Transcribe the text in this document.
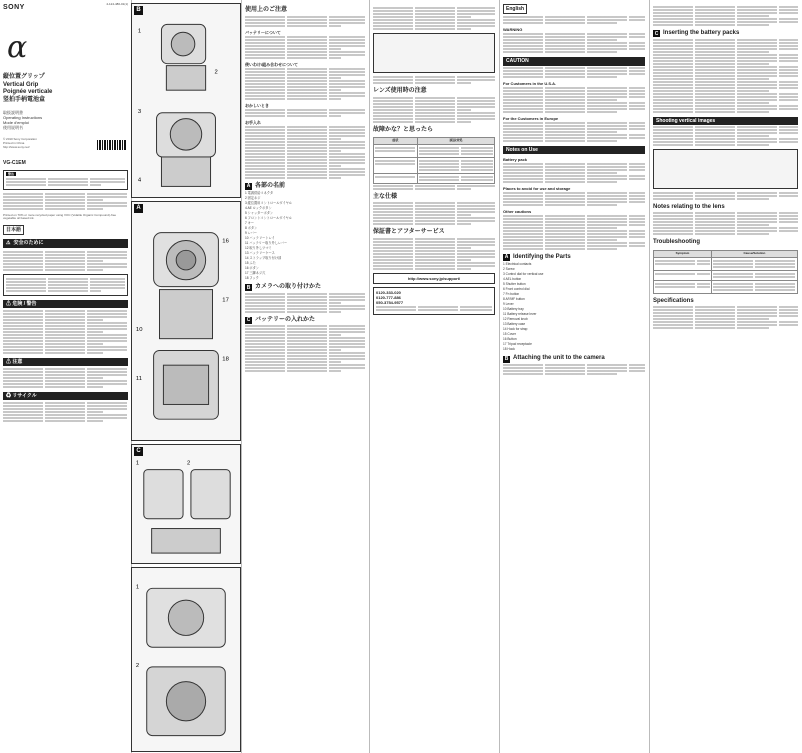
SONY	4-124-480-01(1)
α
縦位置グリップ
Vertical Grip
Poignée verticale
竖拍手柄電池盒
取扱説明書
Operating Instructions
Mode d'emploi
使用说明书
© 2010 Sony Corporation
Printed in China
http://www.sony.net/
VG-C1EM
警告
Printed on 70% or more recycled paper using VOC (Volatile Organic Compound)-free vegetable oil based ink.
日本語
⚠ 安全のために
⚠ 危険 / 警告
⚠ 注意
♻ リサイクル
B
1
2
3
4
A
16
17
18
10
11
C
1	2
1
2
使用上のご注意
バッテリーについて
使いわけ/組み合わせについて
おかしいとき
お手入れ
A 各部の名前
1 電源供給コネクタ
2 固定ネジ
3 縦位置用コントロールダイヤル
4 AE ロックボタン
5 シャッターボタン
6 フロントコントロールダイヤル
7 キー
8 ボタン
9 レバー
10 バッテリートレイ
11 バッテリー取り外しレバー
12 取り外しツマミ
13 バッテリーケース
14 ストラップ取り付け部
15 ふた
16 ボタン
17 三脚ネジ穴
18 フック
B カメラへの取り付けかた
C バッテリーの入れかた
レンズ使用時の注意
故障かな？と思ったら
症状	原因/対処

主な仕様
保証書とアフターサービス
http://www.sony.jp/support/
0120-333-020
0120-777-886
050-3754-9577
English
WARNING
CAUTION
For Customers in the U.S.A.
For the Customers in Europe
Notes on Use
Battery pack
Places to avoid for use and storage
Other cautions
A Identifying the Parts
1 Electrical contacts
2 Screw
3 Control dial for vertical use
4 AEL button
5 Shutter button
6 Front control dial
7 Fn button
8 AF/MF button
9 Lever
10 Battery tray
11 Battery release lever
12 Removal knob
13 Battery case
14 Hook for strap
15 Cover
16 Button
17 Tripod receptacle
18 Hook
B Attaching the unit to the camera
C Inserting the battery packs
Shooting vertical images
Notes relating to the lens
Troubleshooting
Symptom	Cause/Solution

Specifications
